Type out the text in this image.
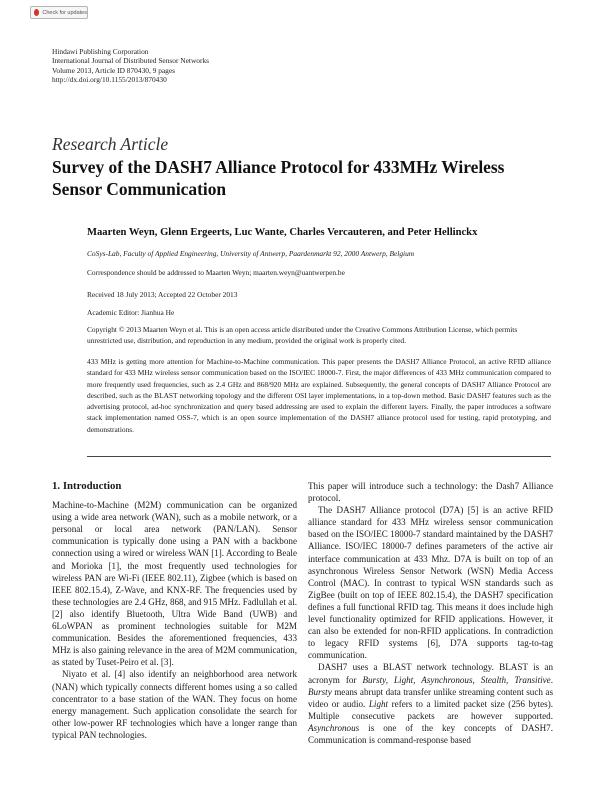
Check for updates
Hindawi Publishing Corporation
International Journal of Distributed Sensor Networks
Volume 2013, Article ID 870430, 9 pages
http://dx.doi.org/10.1155/2013/870430
Research Article
Survey of the DASH7 Alliance Protocol for 433MHz Wireless Sensor Communication
Maarten Weyn, Glenn Ergeerts, Luc Wante, Charles Vercauteren, and Peter Hellinckx
CoSys-Lab, Faculty of Applied Engineering, University of Antwerp, Paardenmarkt 92, 2000 Antwerp, Belgium
Correspondence should be addressed to Maarten Weyn; maarten.weyn@uantwerpen.be
Received 18 July 2013; Accepted 22 October 2013
Academic Editor: Jianhua He
Copyright © 2013 Maarten Weyn et al. This is an open access article distributed under the Creative Commons Attribution License, which permits unrestricted use, distribution, and reproduction in any medium, provided the original work is properly cited.
433 MHz is getting more attention for Machine-to-Machine communication. This paper presents the DASH7 Alliance Protocol, an active RFID alliance standard for 433 MHz wireless sensor communication based on the ISO/IEC 18000-7. First, the major differences of 433 MHz communication compared to more frequently used frequencies, such as 2.4 GHz and 868/920 MHz are explained. Subsequently, the general concepts of DASH7 Alliance Protocol are described, such as the BLAST networking topology and the different OSI layer implementations, in a top-down method. Basic DASH7 features such as the advertising protocol, ad-hoc synchronization and query based addressing are used to explain the different layers. Finally, the paper introduces a software stack implementation named OSS-7, which is an open source implementation of the DASH7 alliance protocol used for testing, rapid prototyping, and demonstrations.
1. Introduction

Machine-to-Machine (M2M) communication can be organized using a wide area network (WAN), such as a mobile network, or a personal or local area network (PAN/LAN). Sensor communication is typically done using a PAN with a backbone connection using a wired or wireless WAN [1]. According to Beale and Morioka [1], the most frequently used technologies for wireless PAN are Wi-Fi (IEEE 802.11), Zigbee (which is based on IEEE 802.15.4), Z-Wave, and KNX-RF. The frequencies used by these technologies are 2.4 GHz, 868, and 915 MHz. Fadlullah et al. [2] also identify Bluetooth, Ultra Wide Band (UWB) and 6LoWPAN as prominent technologies suitable for M2M communication. Besides the aforementioned frequencies, 433 MHz is also gaining relevance in the area of M2M communication, as stated by Tuset-Peiro et al. [3].

Niyato et al. [4] also identify an neighborhood area network (NAN) which typically connects different homes using a so called concentrator to a base station of the WAN. They focus on home energy management. Such application consolidate the search for other low-power RF technologies which have a longer range than typical PAN technologies.

This paper will introduce such a technology: the Dash7 Alliance protocol.

The DASH7 Alliance protocol (D7A) [5] is an active RFID alliance standard for 433 MHz wireless sensor communication based on the ISO/IEC 18000-7 standard maintained by the DASH7 Alliance. ISO/IEC 18000-7 defines parameters of the active air interface communication at 433 Mhz. D7A is built on top of an asynchronous Wireless Sensor Network (WSN) Media Access Control (MAC). In contrast to typical WSN standards such as ZigBee (built on top of IEEE 802.15.4), the DASH7 specification defines a full functional RFID tag. This means it does include high level functionality optimized for RFID applications. However, it can also be extended for non-RFID applications. In contradiction to legacy RFID systems [6], D7A supports tag-to-tag communication.

DASH7 uses a BLAST network technology. BLAST is an acronym for Bursty, Light, Asynchronous, Stealth, Transitive. Bursty means abrupt data transfer unlike streaming content such as video or audio. Light refers to a limited packet size (256 bytes). Multiple consecutive packets are however supported. Asynchronous is one of the key concepts of DASH7. Communication is command-response based
